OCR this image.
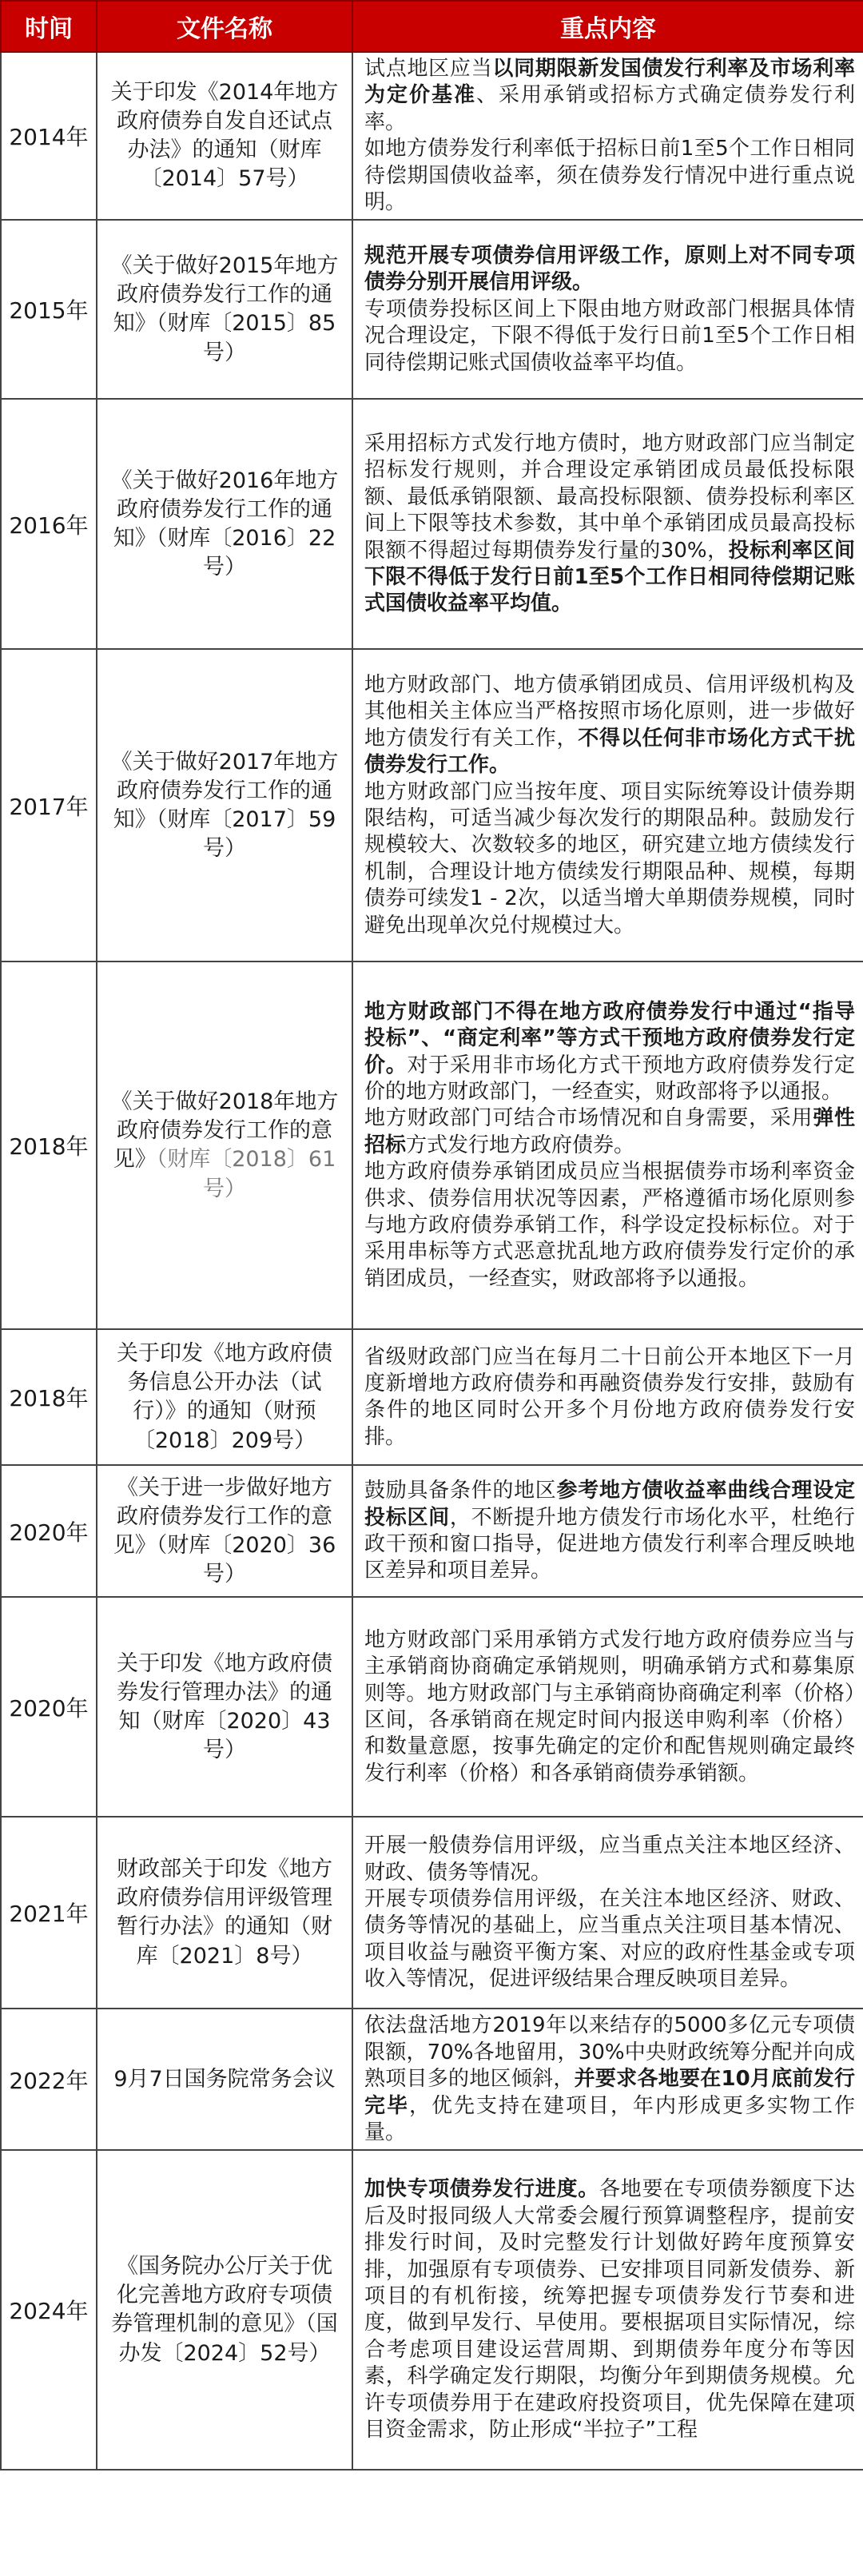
时间	文件名称	重点内容
2014年	关于印发《2014年地方政府债券自发自还试点办法》的通知（财库〔2014〕57号）	试点地区应当以同期限新发国债发行利率及市场利率为定价基准、采用承销或招标方式确定债券发行利率。

如地方债券发行利率低于招标日前1至5个工作日相同待偿期国债收益率，须在债券发行情况中进行重点说明。

2015年	《关于做好2015年地方政府债券发行工作的通知》（财库〔2015〕85号）	规范开展专项债券信用评级工作，原则上对不同专项债券分别开展信用评级。

专项债券投标区间上下限由地方财政部门根据具体情况合理设定，下限不得低于发行日前1至5个工作日相同待偿期记账式国债收益率平均值。

2016年	《关于做好2016年地方政府债券发行工作的通知》（财库〔2016〕22号）	采用招标方式发行地方债时，地方财政部门应当制定招标发行规则，并合理设定承销团成员最低投标限额、最低承销限额、最高投标限额、债券投标利率区间上下限等技术参数，其中单个承销团成员最高投标限额不得超过每期债券发行量的30%，投标利率区间下限不得低于发行日前1至5个工作日相同待偿期记账式国债收益率平均值。

2017年	《关于做好2017年地方政府债券发行工作的通知》（财库〔2017〕59号）	地方财政部门、地方债承销团成员、信用评级机构及其他相关主体应当严格按照市场化原则，进一步做好地方债发行有关工作，不得以任何非市场化方式干扰债券发行工作。

地方财政部门应当按年度、项目实际统筹设计债券期限结构，可适当减少每次发行的期限品种。鼓励发行规模较大、次数较多的地区，研究建立地方债续发行机制，合理设计地方债续发行期限品种、规模，每期债券可续发1 - 2次，以适当增大单期债券规模，同时避免出现单次兑付规模过大。

2018年	《关于做好2018年地方政府债券发行工作的意见》（财库〔2018〕61号）	地方财政部门不得在地方政府债券发行中通过“指导投标”、“商定利率”等方式干预地方政府债券发行定价。对于采用非市场化方式干预地方政府债券发行定价的地方财政部门，一经查实，财政部将予以通报。

地方财政部门可结合市场情况和自身需要，采用弹性招标方式发行地方政府债券。

地方政府债券承销团成员应当根据债券市场利率资金供求、债券信用状况等因素，严格遵循市场化原则参与地方政府债券承销工作，科学设定投标标位。对于采用串标等方式恶意扰乱地方政府债券发行定价的承销团成员，一经查实，财政部将予以通报。

2018年	关于印发《地方政府债务信息公开办法（试行）》的通知（财预〔2018〕209号）	省级财政部门应当在每月二十日前公开本地区下一月度新增地方政府债券和再融资债券发行安排，鼓励有条件的地区同时公开多个月份地方政府债券发行安排。

2020年	《关于进一步做好地方政府债券发行工作的意见》（财库〔2020〕36号）	鼓励具备条件的地区参考地方债收益率曲线合理设定投标区间，不断提升地方债发行市场化水平，杜绝行政干预和窗口指导，促进地方债发行利率合理反映地区差异和项目差异。

2020年	关于印发《地方政府债券发行管理办法》的通知（财库〔2020〕43号）	地方财政部门采用承销方式发行地方政府债券应当与主承销商协商确定承销规则，明确承销方式和募集原则等。地方财政部门与主承销商协商确定利率（价格）区间，各承销商在规定时间内报送申购利率（价格）和数量意愿，按事先确定的定价和配售规则确定最终发行利率（价格）和各承销商债券承销额。

2021年	财政部关于印发《地方政府债券信用评级管理暂行办法》的通知（财库〔2021〕8号）	开展一般债券信用评级，应当重点关注本地区经济、财政、债务等情况。

开展专项债券信用评级，在关注本地区经济、财政、债务等情况的基础上，应当重点关注项目基本情况、项目收益与融资平衡方案、对应的政府性基金或专项收入等情况，促进评级结果合理反映项目差异。

2022年	9月7日国务院常务会议	依法盘活地方2019年以来结存的5000多亿元专项债限额，70%各地留用，30%中央财政统筹分配并向成熟项目多的地区倾斜，并要求各地要在10月底前发行完毕，优先支持在建项目，年内形成更多实物工作量。

2024年	《国务院办公厅关于优化完善地方政府专项债券管理机制的意见》（国办发〔2024〕52号）	加快专项债券发行进度。各地要在专项债券额度下达后及时报同级人大常委会履行预算调整程序，提前安排发行时间，及时完整发行计划做好跨年度预算安排，加强原有专项债券、已安排项目同新发债券、新项目的有机衔接，统筹把握专项债券发行节奏和进度，做到早发行、早使用。要根据项目实际情况，综合考虑项目建设运营周期、到期债券年度分布等因素，科学确定发行期限，均衡分年到期债务规模。允许专项债券用于在建政府投资项目，优先保障在建项目资金需求，防止形成“半拉子”工程
